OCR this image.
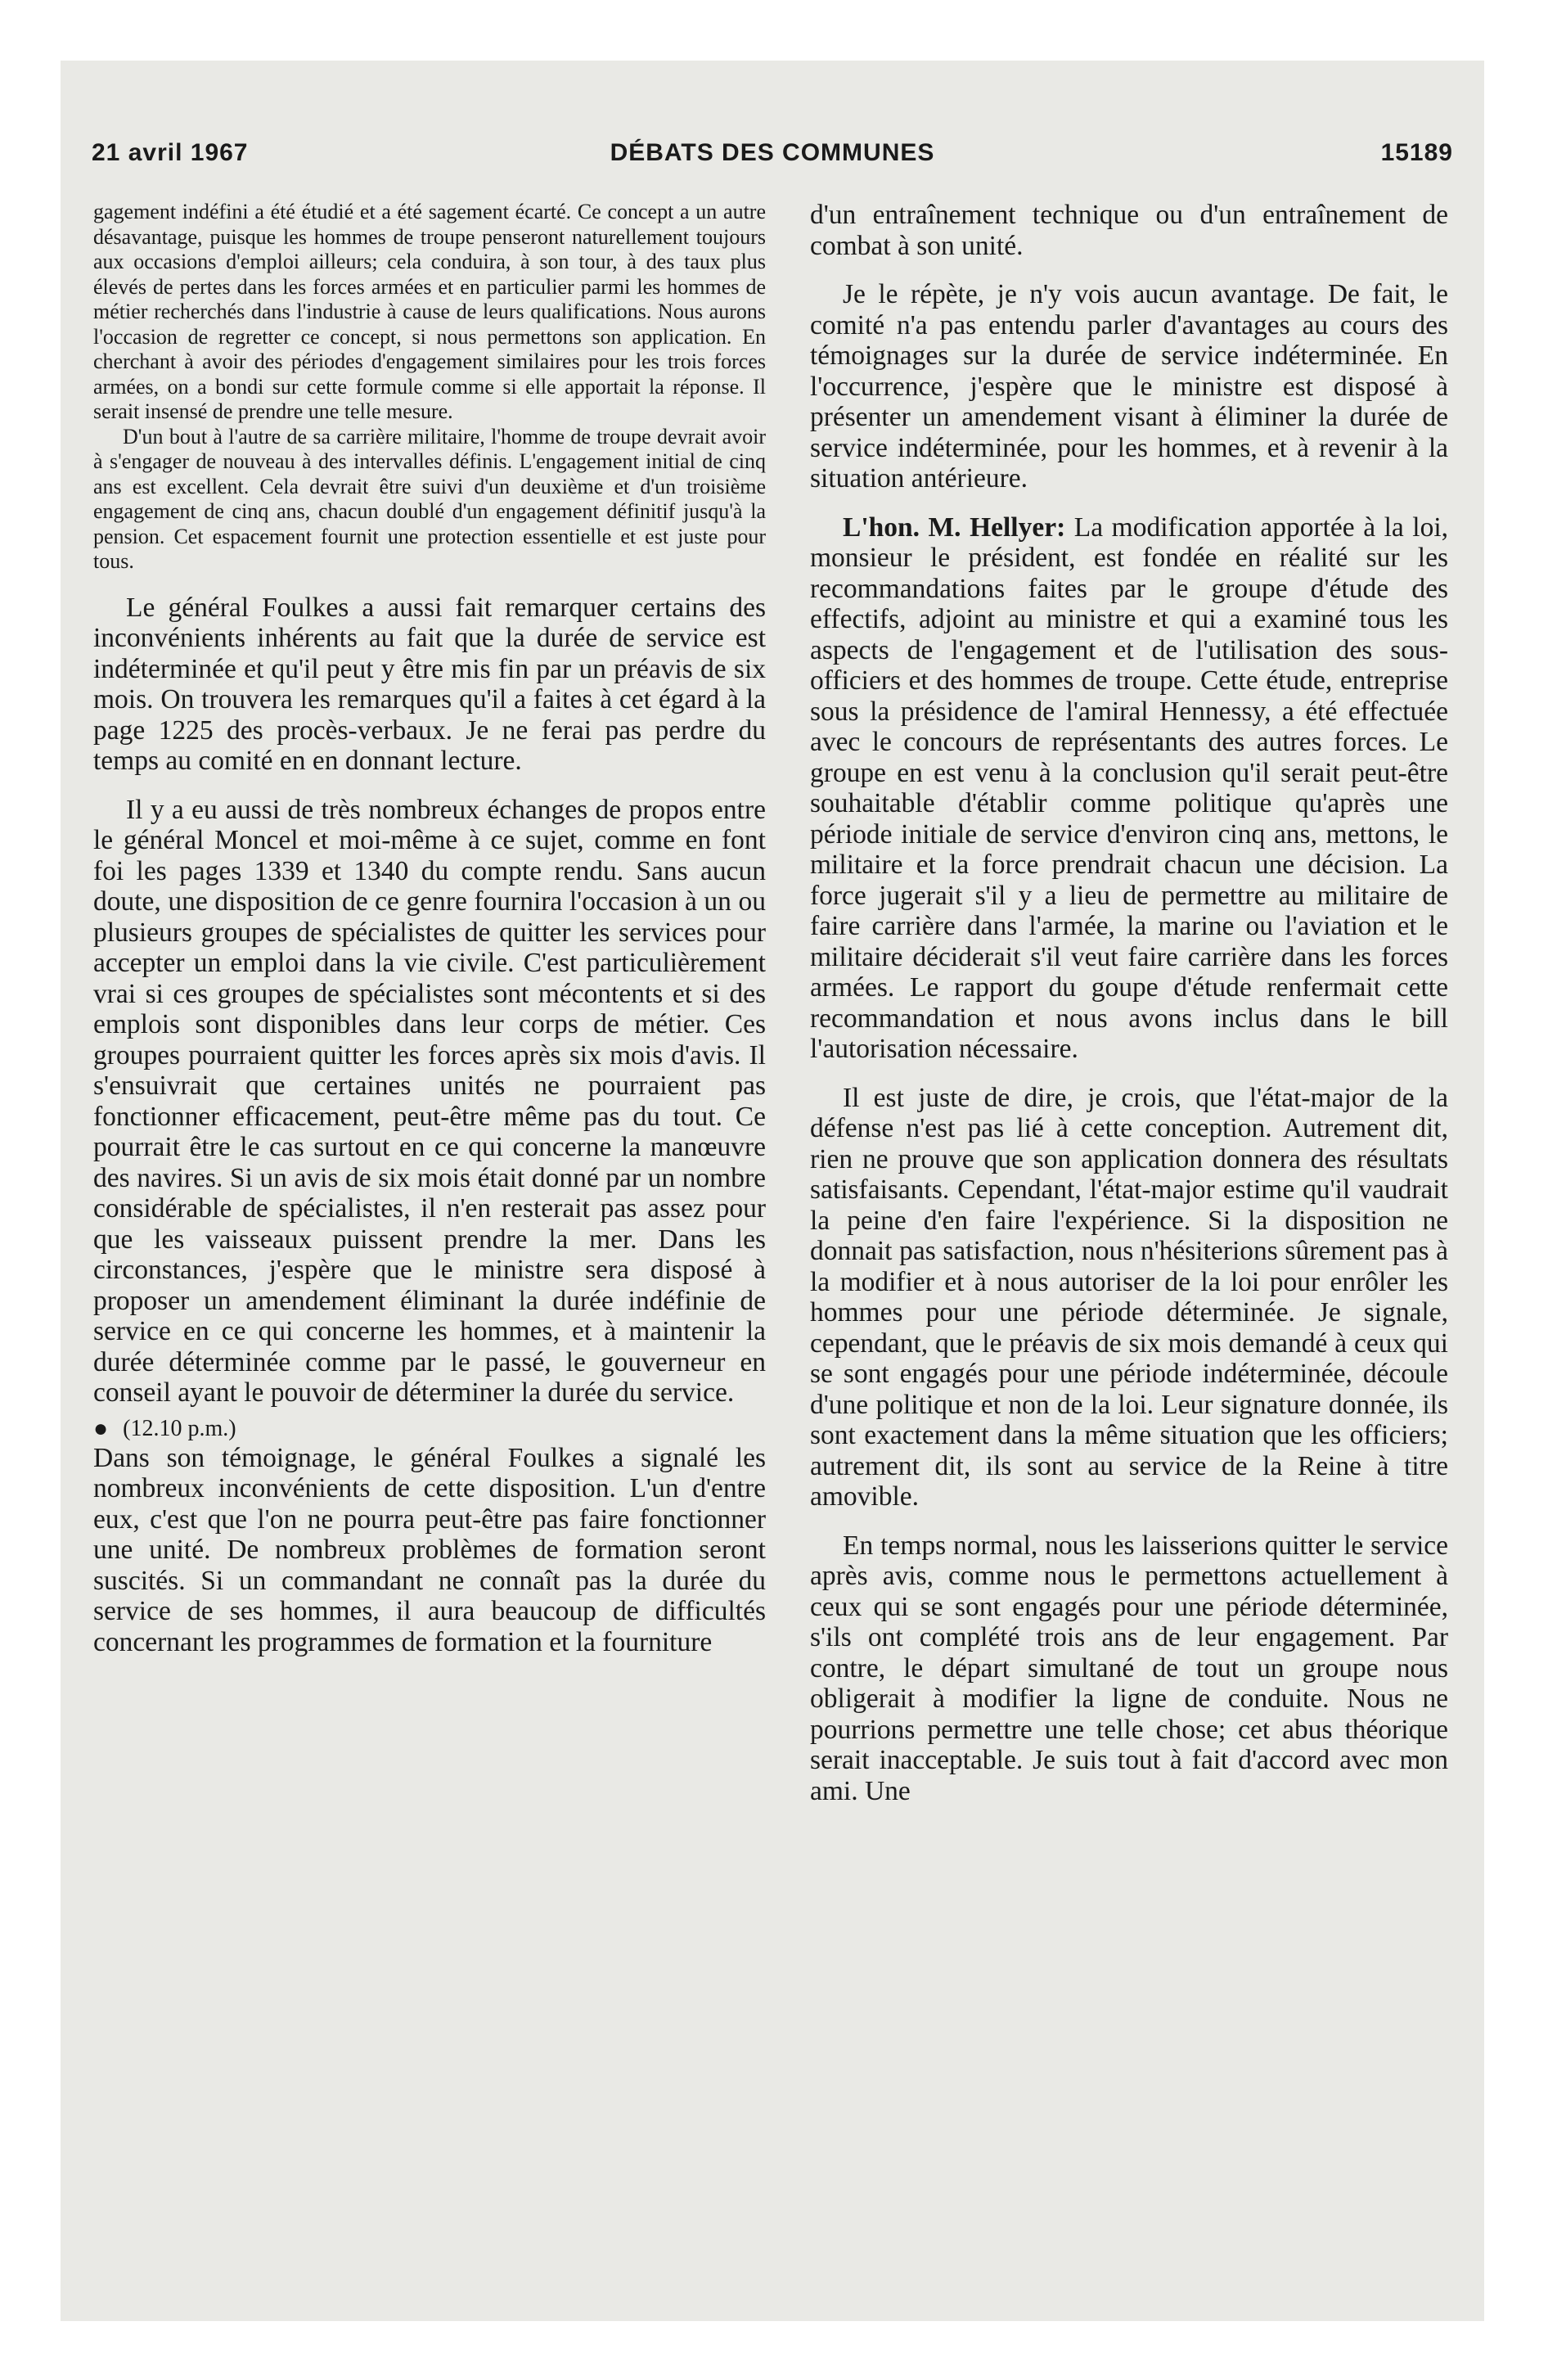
21 avril 1967	DÉBATS DES COMMUNES	15189

gagement indéfini a été étudié et a été sagement écarté. Ce concept a un autre désavantage, puisque les hommes de troupe penseront naturellement toujours aux occasions d'emploi ailleurs; cela conduira, à son tour, à des taux plus élevés de pertes dans les forces armées et en particulier parmi les hommes de métier recherchés dans l'industrie à cause de leurs qualifications. Nous aurons l'occasion de regretter ce concept, si nous permettons son application. En cherchant à avoir des périodes d'engagement similaires pour les trois forces armées, on a bondi sur cette formule comme si elle apportait la réponse. Il serait insensé de prendre une telle mesure.

D'un bout à l'autre de sa carrière militaire, l'homme de troupe devrait avoir à s'engager de nouveau à des intervalles définis. L'engagement initial de cinq ans est excellent. Cela devrait être suivi d'un deuxième et d'un troisième engagement de cinq ans, chacun doublé d'un engagement définitif jusqu'à la pension. Cet espacement fournit une protection essentielle et est juste pour tous.

Le général Foulkes a aussi fait remarquer certains des inconvénients inhérents au fait que la durée de service est indéterminée et qu'il peut y être mis fin par un préavis de six mois. On trouvera les remarques qu'il a faites à cet égard à la page 1225 des procès-verbaux. Je ne ferai pas perdre du temps au comité en en donnant lecture.

Il y a eu aussi de très nombreux échanges de propos entre le général Moncel et moi-même à ce sujet, comme en font foi les pages 1339 et 1340 du compte rendu. Sans aucun doute, une disposition de ce genre fournira l'occasion à un ou plusieurs groupes de spécialistes de quitter les services pour accepter un emploi dans la vie civile. C'est particulièrement vrai si ces groupes de spécialistes sont mécontents et si des emplois sont disponibles dans leur corps de métier. Ces groupes pourraient quitter les forces après six mois d'avis. Il s'ensuivrait que certaines unités ne pourraient pas fonctionner efficacement, peut-être même pas du tout. Ce pourrait être le cas surtout en ce qui concerne la manœuvre des navires. Si un avis de six mois était donné par un nombre considérable de spécialistes, il n'en resterait pas assez pour que les vaisseaux puissent prendre la mer. Dans les circonstances, j'espère que le ministre sera disposé à proposer un amendement éliminant la durée indéfinie de service en ce qui concerne les hommes, et à maintenir la durée déterminée comme par le passé, le gouverneur en conseil ayant le pouvoir de déterminer la durée du service.

● (12.10 p.m.)

Dans son témoignage, le général Foulkes a signalé les nombreux inconvénients de cette disposition. L'un d'entre eux, c'est que l'on ne pourra peut-être pas faire fonctionner une unité. De nombreux problèmes de formation seront suscités. Si un commandant ne connaît pas la durée du service de ses hommes, il aura beaucoup de difficultés concernant les programmes de formation et la fourniture

d'un entraînement technique ou d'un entraînement de combat à son unité.

Je le répète, je n'y vois aucun avantage. De fait, le comité n'a pas entendu parler d'avantages au cours des témoignages sur la durée de service indéterminée. En l'occurrence, j'espère que le ministre est disposé à présenter un amendement visant à éliminer la durée de service indéterminée, pour les hommes, et à revenir à la situation antérieure.

L'hon. M. Hellyer: La modification apportée à la loi, monsieur le président, est fondée en réalité sur les recommandations faites par le groupe d'étude des effectifs, adjoint au ministre et qui a examiné tous les aspects de l'engagement et de l'utilisation des sous-officiers et des hommes de troupe. Cette étude, entreprise sous la présidence de l'amiral Hennessy, a été effectuée avec le concours de représentants des autres forces. Le groupe en est venu à la conclusion qu'il serait peut-être souhaitable d'établir comme politique qu'après une période initiale de service d'environ cinq ans, mettons, le militaire et la force prendrait chacun une décision. La force jugerait s'il y a lieu de permettre au militaire de faire carrière dans l'armée, la marine ou l'aviation et le militaire déciderait s'il veut faire carrière dans les forces armées. Le rapport du goupe d'étude renfermait cette recommandation et nous avons inclus dans le bill l'autorisation nécessaire.

Il est juste de dire, je crois, que l'état-major de la défense n'est pas lié à cette conception. Autrement dit, rien ne prouve que son application donnera des résultats satisfaisants. Cependant, l'état-major estime qu'il vaudrait la peine d'en faire l'expérience. Si la disposition ne donnait pas satisfaction, nous n'hésiterions sûrement pas à la modifier et à nous autoriser de la loi pour enrôler les hommes pour une période déterminée. Je signale, cependant, que le préavis de six mois demandé à ceux qui se sont engagés pour une période indéterminée, découle d'une politique et non de la loi. Leur signature donnée, ils sont exactement dans la même situation que les officiers; autrement dit, ils sont au service de la Reine à titre amovible.

En temps normal, nous les laisserions quitter le service après avis, comme nous le permettons actuellement à ceux qui se sont engagés pour une période déterminée, s'ils ont complété trois ans de leur engagement. Par contre, le départ simultané de tout un groupe nous obligerait à modifier la ligne de conduite. Nous ne pourrions permettre une telle chose; cet abus théorique serait inacceptable. Je suis tout à fait d'accord avec mon ami. Une
